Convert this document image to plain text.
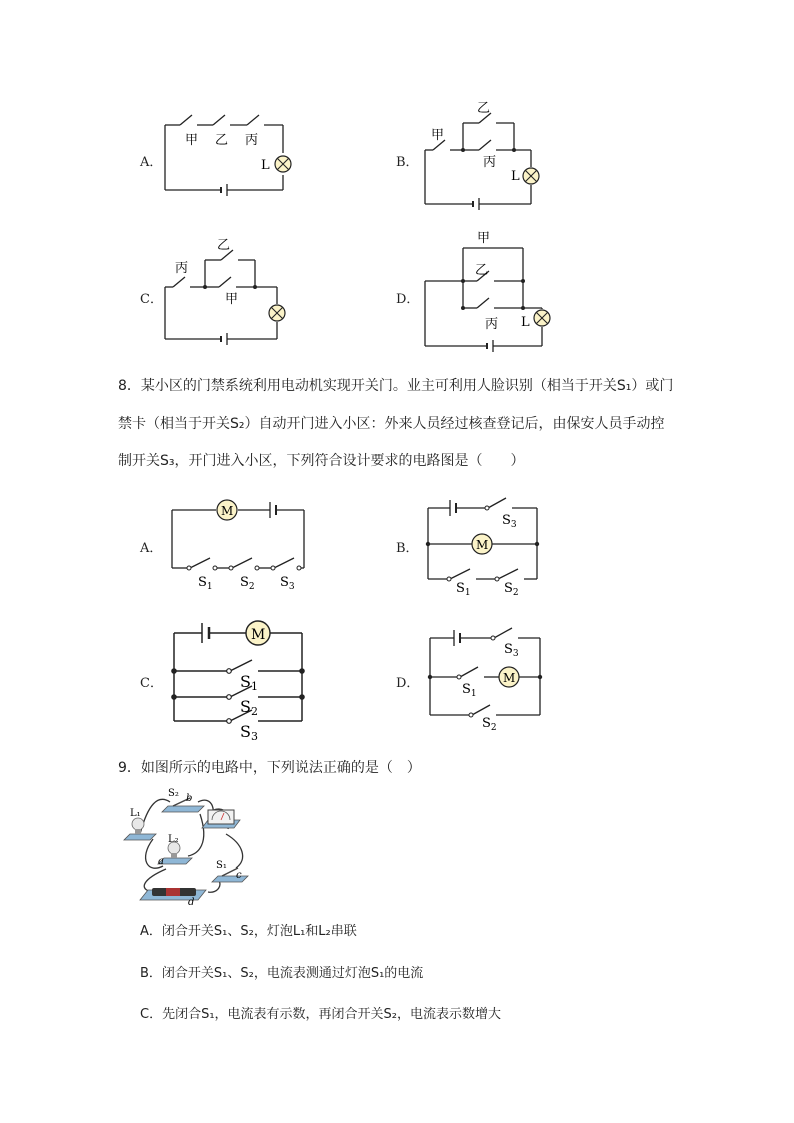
A．
甲 乙 丙
L	B．
甲
乙
丙
L
C．
丙
乙
甲	D．
甲
乙
丙 L
8．某小区的门禁系统利用电动机实现开关门。业主可利用人脸识别（相当于开关S₁）或门
禁卡（相当于开关S₂）自动开门进入小区：外来人员经过核查登记后，由保安人员手动控
制开关S₃，开门进入小区，下列符合设计要求的电路图是（　　）
A．
M
$S_1$ $S_2$ $S_3$
B．	M
$S_3$
$S_1$	$S_2$
C．
M
S1
S2
S3
D．	M
$S_3$
$S_1$
$S_2$
9．如图所示的电路中，下列说法正确的是（　）
L₁
S₂ b
L₂
a	S₁
c
d
A．闭合开关S₁、S₂，灯泡L₁和L₂串联
B．闭合开关S₁、S₂，电流表测通过灯泡S₁的电流
C．先闭合S₁，电流表有示数，再闭合开关S₂，电流表示数增大
